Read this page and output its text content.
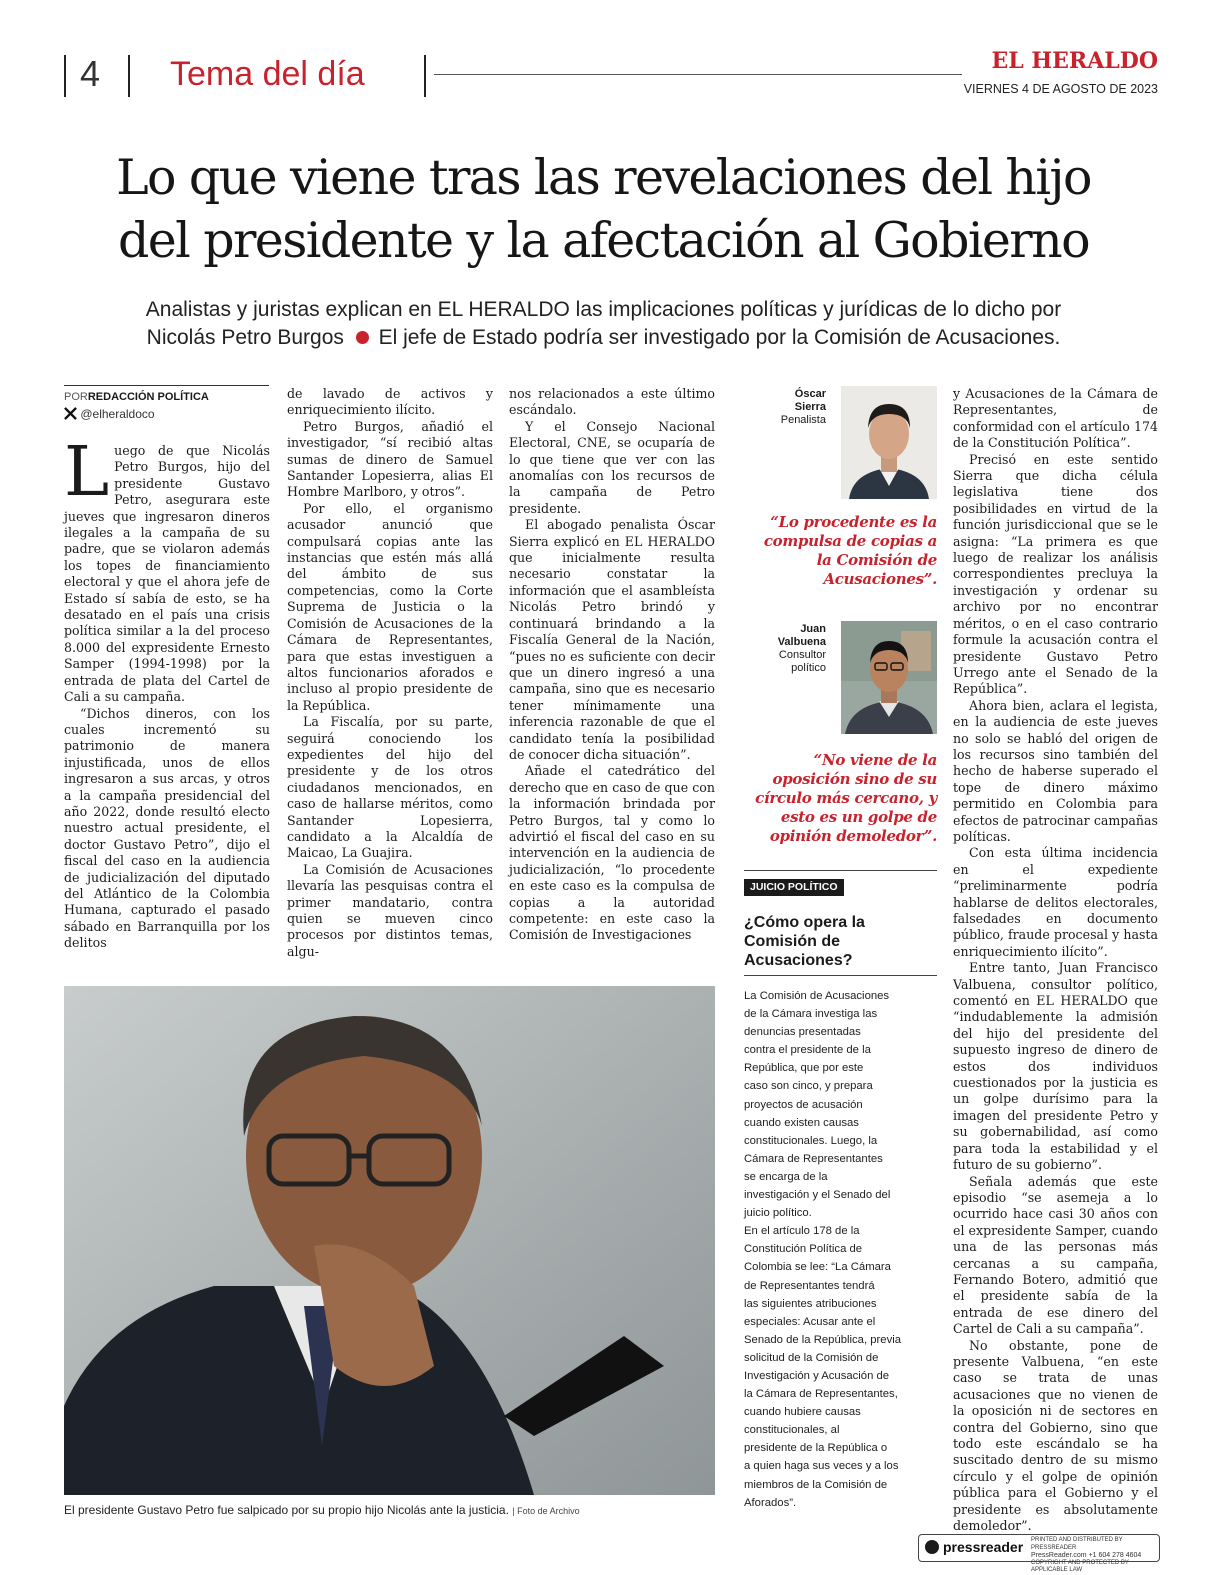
4 Tema del día	EL HERALDO
VIERNES 4 DE AGOSTO DE 2023
Lo que viene tras las revelaciones del hijo
del presidente y la afectación al Gobierno
Analistas y juristas explican en EL HERALDO las implicaciones políticas y jurídicas de lo dicho por
Nicolás Petro Burgos El jefe de Estado podría ser investigado por la Comisión de Acusaciones.
PORREDACCIÓN POLÍTICA
@elheraldoco

Luego de que Nicolás Petro Burgos, hijo del presidente Gustavo Petro, asegurara este jueves que ingresaron dineros ilegales a la campaña de su padre, que se violaron además los topes de financiamiento electoral y que el ahora jefe de Estado sí sabía de esto, se ha desatado en el país una crisis política similar a la del proceso 8.000 del expresidente Ernesto Samper (1994-1998) por la entrada de plata del Cartel de Cali a su campaña.

“Dichos dineros, con los cuales incrementó su patrimonio de manera injustificada, unos de ellos ingresaron a sus arcas, y otros a la campaña presidencial del año 2022, donde resultó electo nuestro actual presidente, el doctor Gustavo Petro”, dijo el fiscal del caso en la audiencia de judicialización del diputado del Atlántico de la Colombia Humana, capturado el pasado sábado en Barranquilla por los delitos

de lavado de activos y enriquecimiento ilícito.

Petro Burgos, añadió el investigador, “sí recibió altas sumas de dinero de Samuel Santander Lopesierra, alias El Hombre Marlboro, y otros”.

Por ello, el organismo acusador anunció que compulsará copias ante las instancias que estén más allá del ámbito de sus competencias, como la Corte Suprema de Justicia o la Comisión de Acusaciones de la Cámara de Representantes, para que estas investiguen a altos funcionarios aforados e incluso al propio presidente de la República.

La Fiscalía, por su parte, seguirá conociendo los expedientes del hijo del presidente y de los otros ciudadanos mencionados, en caso de hallarse méritos, como Santander Lopesierra, candidato a la Alcaldía de Maicao, La Guajira.

La Comisión de Acusaciones llevaría las pesquisas contra el primer mandatario, contra quien se mueven cinco procesos por distintos temas, algu-

nos relacionados a este último escándalo.

Y el Consejo Nacional Electoral, CNE, se ocuparía de lo que tiene que ver con las anomalías con los recursos de la campaña de Petro presidente.

El abogado penalista Óscar Sierra explicó en EL HERALDO que inicialmente resulta necesario constatar la información que el asambleísta Nicolás Petro brindó y continuará brindando a la Fiscalía General de la Nación, “pues no es suficiente con decir que un dinero ingresó a una campaña, sino que es necesario tener mínimamente una inferencia razonable de que el candidato tenía la posibilidad de conocer dicha situación”.

Añade el catedrático del derecho que en caso de que con la información brindada por Petro Burgos, tal y como lo advirtió el fiscal del caso en su intervención en la audiencia de judicialización, “lo procedente en este caso es la compulsa de copias a la autoridad competente: en este caso la Comisión de Investigaciones

Óscar
Sierra
Penalista
“Lo procedente es la compulsa de copias a la Comisión de Acusaciones”.
Juan
Valbuena
Consultor
político
“No viene de la oposición sino de su círculo más cercano, y esto es un golpe de opinión demoledor”.
JUICIO POLÍTICO
¿Cómo opera la Comisión de Acusaciones?
La Comisión de Acusaciones
de la Cámara investiga las
denuncias presentadas
contra el presidente de la
República, que por este
caso son cinco, y prepara
proyectos de acusación
cuando existen causas
constitucionales. Luego, la
Cámara de Representantes
se encarga de la
investigación y el Senado del
juicio político.
En el artículo 178 de la
Constitución Política de
Colombia se lee: “La Cámara
de Representantes tendrá
las siguientes atribuciones
especiales: Acusar ante el
Senado de la República, previa
solicitud de la Comisión de
Investigación y Acusación de
la Cámara de Representantes,
cuando hubiere causas
constitucionales, al
presidente de la República o
a quien haga sus veces y a los
miembros de la Comisión de
Aforados”.

y Acusaciones de la Cámara de Representantes, de conformidad con el artículo 174 de la Constitución Política”.

Precisó en este sentido Sierra que dicha célula legislativa tiene dos posibilidades en virtud de la función jurisdiccional que se le asigna: “La primera es que luego de realizar los análisis correspondientes precluya la investigación y ordenar su archivo por no encontrar méritos, o en el caso contrario formule la acusación contra el presidente Gustavo Petro Urrego ante el Senado de la República”.

Ahora bien, aclara el legista, en la audiencia de este jueves no solo se habló del origen de los recursos sino también del hecho de haberse superado el tope de dinero máximo permitido en Colombia para efectos de patrocinar campañas políticas.

Con esta última incidencia en el expediente “preliminarmente podría hablarse de delitos electorales, falsedades en documento público, fraude procesal y hasta enriquecimiento ilícito”.

Entre tanto, Juan Francisco Valbuena, consultor político, comentó en EL HERALDO que “indudablemente la admisión del hijo del presidente del supuesto ingreso de dinero de estos dos individuos cuestionados por la justicia es un golpe durísimo para la imagen del presidente Petro y su gobernabilidad, así como para toda la estabilidad y el futuro de su gobierno”.

Señala además que este episodio “se asemeja a lo ocurrido hace casi 30 años con el expresidente Samper, cuando una de las personas más cercanas a su campaña, Fernando Botero, admitió que el presidente sabía de la entrada de ese dinero del Cartel de Cali a su campaña”.

No obstante, pone de presente Valbuena, “en este caso se trata de unas acusaciones que no vienen de la oposición ni de sectores en contra del Gobierno, sino que todo este escándalo se ha suscitado dentro de su mismo círculo y el golpe de opinión pública para el Gobierno y el presidente es absolutamente demoledor”.

El presidente Gustavo Petro fue salpicado por su propio hijo Nicolás ante la justicia. | Foto de Archivo
pressreader PRINTED AND DISTRIBUTED BY PRESSREADER
PressReader.com +1 604 278 4604
COPYRIGHT AND PROTECTED BY APPLICABLE LAW
